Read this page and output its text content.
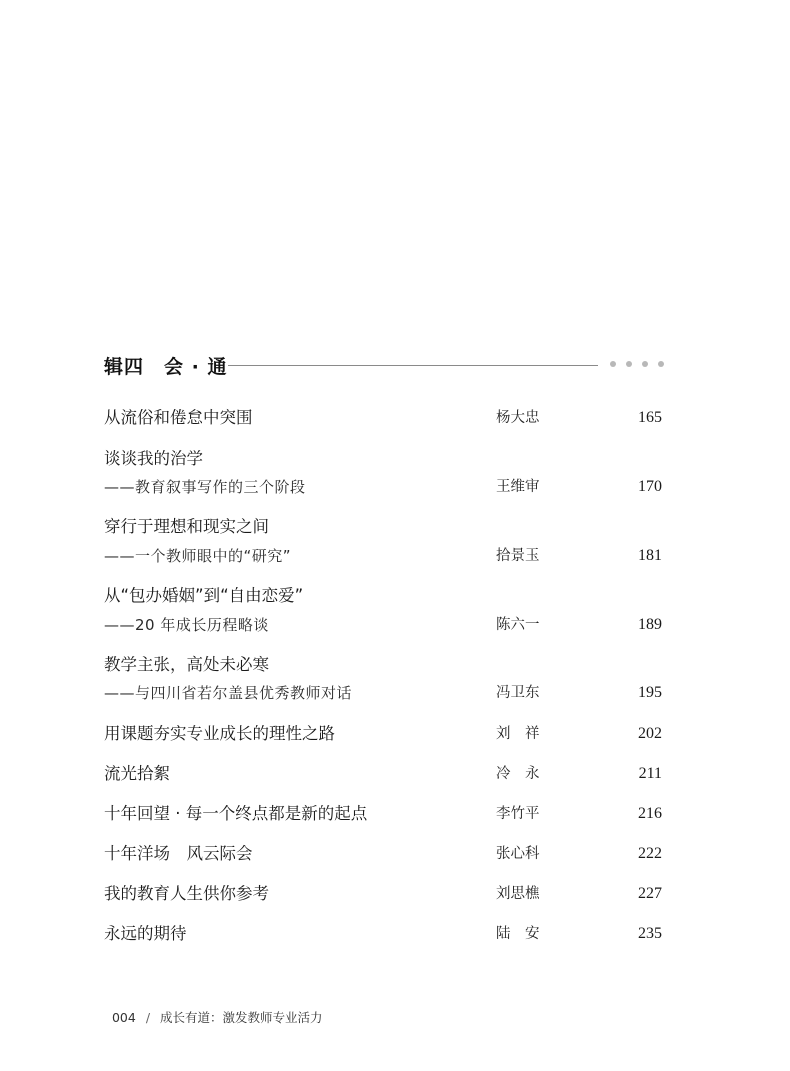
辑四　会 · 通
从流俗和倦怠中突围	杨大忠	165
谈谈我的治学
——教育叙事写作的三个阶段	王维审	170
穿行于理想和现实之间
——一个教师眼中的“研究”	拾景玉	181
从“包办婚姻”到“自由恋爱”
——20 年成长历程略谈	陈六一	189
教学主张，高处未必寒
——与四川省若尔盖县优秀教师对话	冯卫东	195
用课题夯实专业成长的理性之路	刘　祥	202
流光拾絮	冷　永	211
十年回望 · 每一个终点都是新的起点	李竹平	216
十年洋场　风云际会	张心科	222
我的教育人生供你参考	刘思樵	227
永远的期待	陆　安	235

004 / 成长有道：激发教师专业活力
